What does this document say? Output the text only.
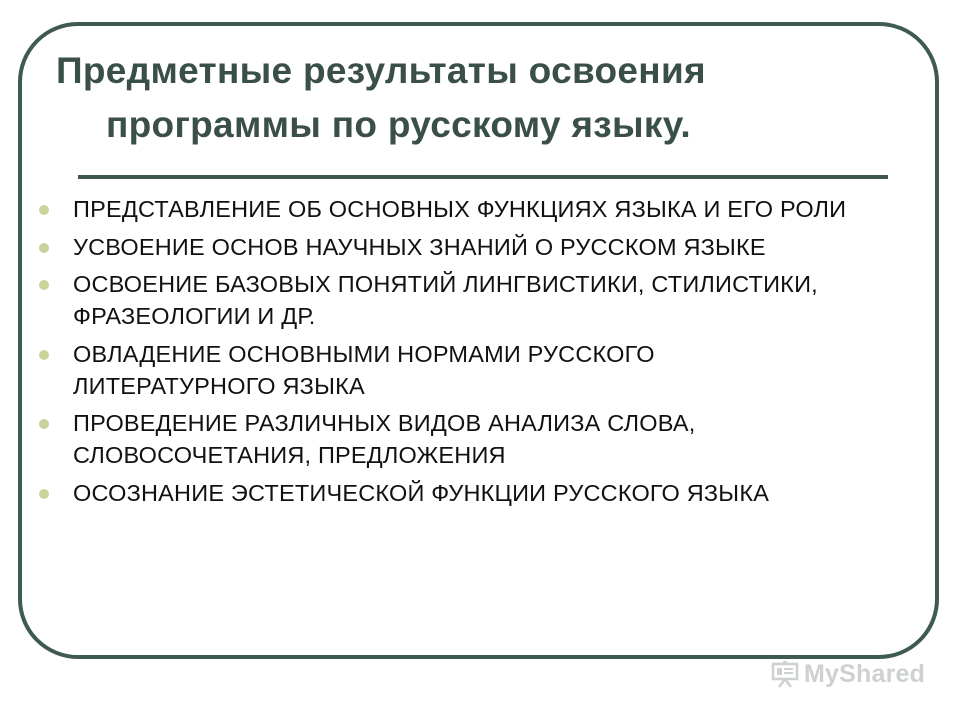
Предметные результаты освоения
программы по русскому языку.
ПРЕДСТАВЛЕНИЕ ОБ ОСНОВНЫХ ФУНКЦИЯХ ЯЗЫКА И ЕГО РОЛИ
УСВОЕНИЕ ОСНОВ НАУЧНЫХ ЗНАНИЙ О РУССКОМ ЯЗЫКЕ
ОСВОЕНИЕ БАЗОВЫХ ПОНЯТИЙ ЛИНГВИСТИКИ, СТИЛИСТИКИ, ФРАЗЕОЛОГИИ И ДР.
ОВЛАДЕНИЕ ОСНОВНЫМИ НОРМАМИ РУССКОГО ЛИТЕРАТУРНОГО ЯЗЫКА
ПРОВЕДЕНИЕ РАЗЛИЧНЫХ ВИДОВ АНАЛИЗА СЛОВА, СЛОВОСОЧЕТАНИЯ, ПРЕДЛОЖЕНИЯ
ОСОЗНАНИЕ ЭСТЕТИЧЕСКОЙ ФУНКЦИИ РУССКОГО ЯЗЫКА
MyShared
